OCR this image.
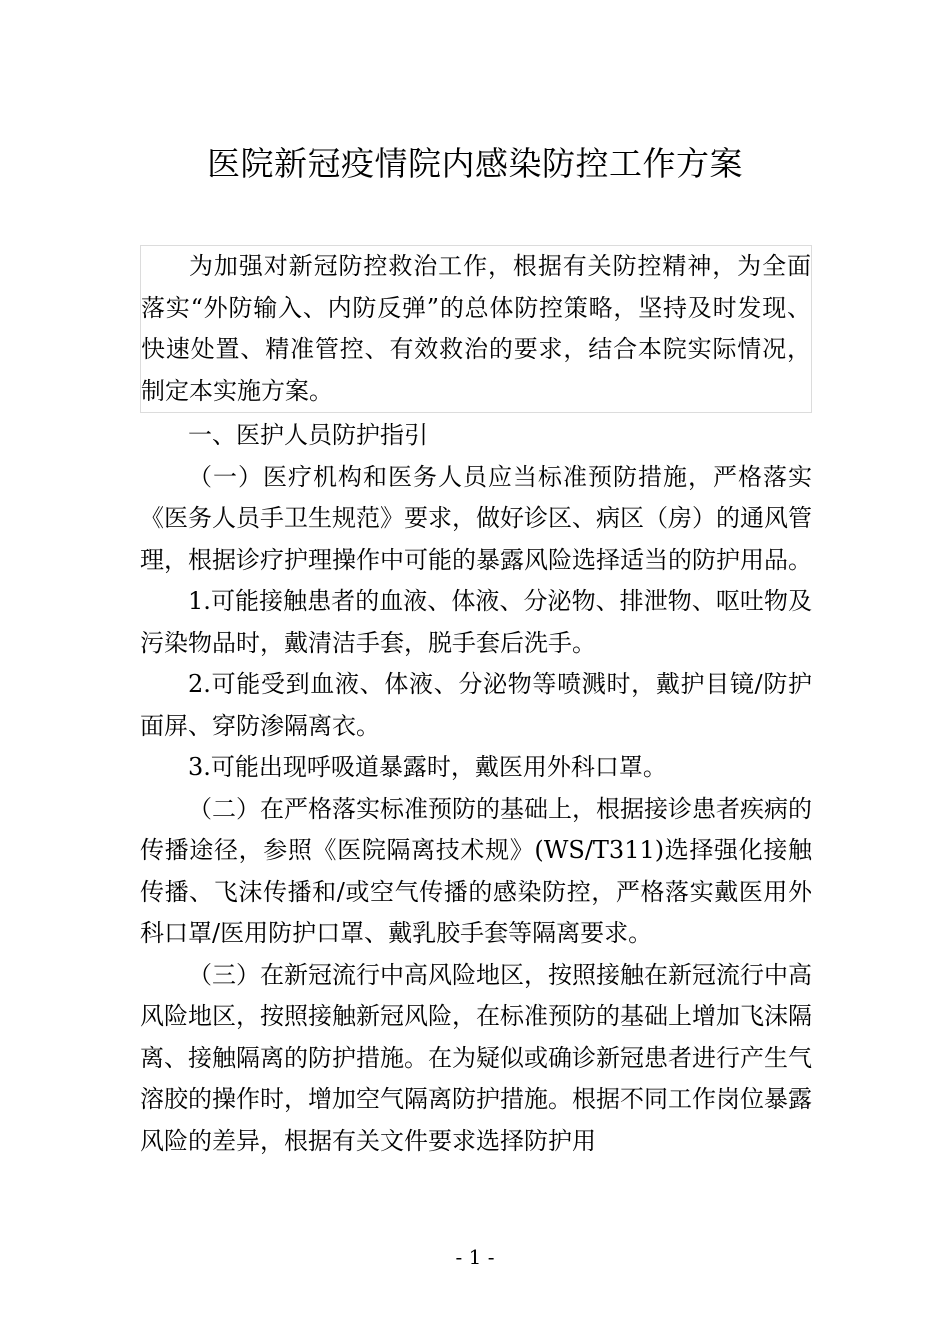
医院新冠疫情院内感染防控工作方案

为加强对新冠防控救治工作，根据有关防控精神，为全面落实“外防输入、内防反弹”的总体防控策略，坚持及时发现、快速处置、精准管控、有效救治的要求，结合本院实际情况，制定本实施方案。

一、医护人员防护指引

（一）医疗机构和医务人员应当标准预防措施，严格落实《医务人员手卫生规范》要求，做好诊区、病区（房）的通风管理，根据诊疗护理操作中可能的暴露风险选择适当的防护用品。

1.可能接触患者的血液、体液、分泌物、排泄物、呕吐物及污染物品时，戴清洁手套，脱手套后洗手。

2.可能受到血液、体液、分泌物等喷溅时，戴护目镜/防护面屏、穿防渗隔离衣。

3.可能出现呼吸道暴露时，戴医用外科口罩。

（二）在严格落实标准预防的基础上，根据接诊患者疾病的传播途径，参照《医院隔离技术规》(WS/T311)选择强化接触传播、飞沫传播和/或空气传播的感染防控，严格落实戴医用外科口罩/医用防护口罩、戴乳胶手套等隔离要求。

（三）在新冠流行中高风险地区，按照接触在新冠流行中高风险地区，按照接触新冠风险，在标准预防的基础上增加飞沫隔离、接触隔离的防护措施。在为疑似或确诊新冠患者进行产生气溶胶的操作时，增加空气隔离防护措施。根据不同工作岗位暴露风险的差异，根据有关文件要求选择防护用

- 1 -
